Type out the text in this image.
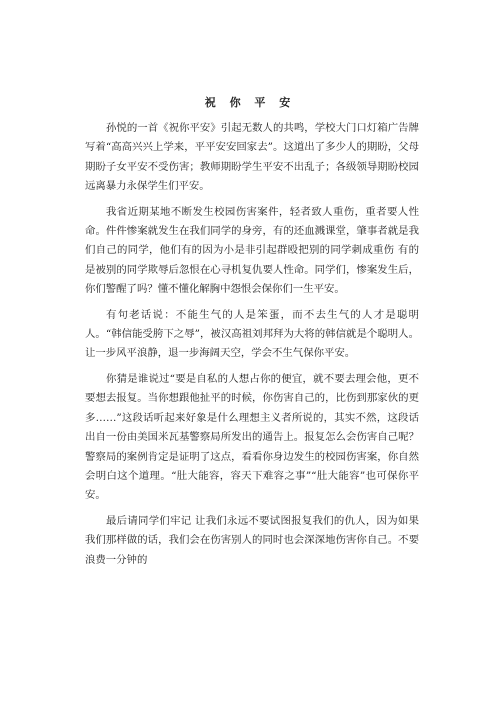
祝 你 平 安

孙悦的一首《祝你平安》引起无数人的共鸣，学校大门口灯箱广告牌写着“高高兴兴上学来，平平安安回家去”。这道出了多少人的期盼，父母期盼子女平安不受伤害；教师期盼学生平安不出乱子；各级领导期盼校园远离暴力永保学生们平安。

我省近期某地不断发生校园伤害案件，轻者致人重伤，重者要人性命。件件惨案就发生在我们同学的身旁，有的还血溅课堂，肇事者就是我们自己的同学，他们有的因为小是非引起群殴把别的同学刺成重伤 有的是被别的同学欺辱后忽恨在心寻机复仇要人性命。同学们，惨案发生后，你们警醒了吗？懂不懂化解胸中怨恨会保你们一生平安。

有句老话说：不能生气的人是笨蛋，而不去生气的人才是聪明人。“韩信能受胯下之辱”，被汉高祖刘邦拜为大将的韩信就是个聪明人。让一步风平浪静，退一步海阔天空，学会不生气保你平安。

你猜是谁说过“要是自私的人想占你的便宜，就不要去理会他，更不要想去报复。当你想跟他扯平的时候，你伤害自己的，比伤到那家伙的更多……”这段话听起来好象是什么理想主义者所说的，其实不然，这段话出自一份由美国米瓦基警察局所发出的通告上。报复怎么会伤害自己呢？警察局的案例肯定是证明了这点，看看你身边发生的校园伤害案，你自然会明白这个道理。“肚大能容，容天下难容之事”“肚大能容”也可保你平安。

最后请同学们牢记 让我们永远不要试图报复我们的仇人，因为如果我们那样做的话，我们会在伤害别人的同时也会深深地伤害你自己。不要浪费一分钟的
